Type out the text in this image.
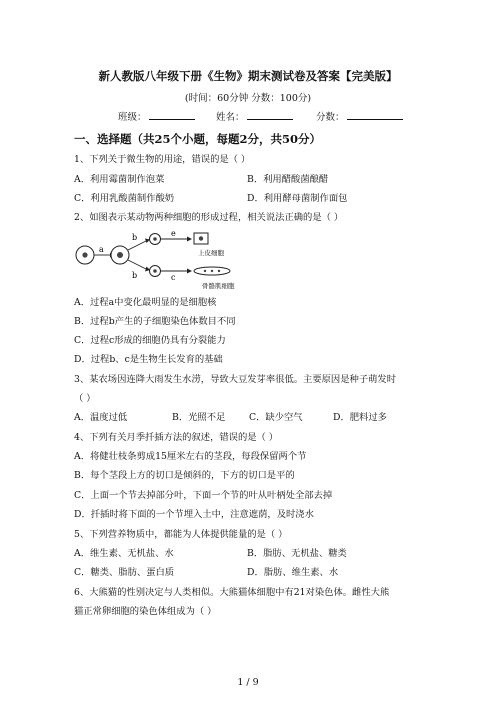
新人教版八年级下册《生物》期末测试卷及答案【完美版】
(时间：60分钟 分数：100分)
班级：	姓名：	分数：
一、选择题（共25个小题，每题2分，共50分）
1、下列关于微生物的用途，错误的是（ ）
A．利用霉菌制作泡菜	B．利用醋酸菌酿醋
C．利用乳酸菌制作酸奶	D．利用酵母菌制作面包
2、如图表示某动物两种细胞的形成过程，相关说法正确的是（ ）
a
b
b
e
c
上皮细胞
骨骼肌细胞
A．过程a中变化最明显的是细胞核
B．过程b产生的子细胞染色体数目不同
C．过程c形成的细胞仍具有分裂能力
D．过程b、c是生物生长发育的基础
3、某农场因连降大雨发生水涝，导致大豆发芽率很低。主要原因是种子萌发时
（ ）
A．温度过低	B．光照不足	C．缺少空气	D．肥料过多
4、下列有关月季扦插方法的叙述，错误的是（ ）
A．将健壮枝条剪成15厘米左右的茎段，每段保留两个节
B．每个茎段上方的切口是倾斜的，下方的切口是平的
C．上面一个节去掉部分叶，下面一个节的叶从叶柄处全部去掉
D．扦插时将下面的一个节埋入土中，注意遮荫，及时浇水
5、下列营养物质中，都能为人体提供能量的是（ ）
A．维生素、无机盐、水	B．脂肪、无机盐、糖类
C．糖类、脂肪、蛋白质	D．脂肪、维生素、水
6、大熊猫的性别决定与人类相似。大熊猫体细胞中有21对染色体。雌性大熊
猫正常卵细胞的染色体组成为（ ）
1 / 9
